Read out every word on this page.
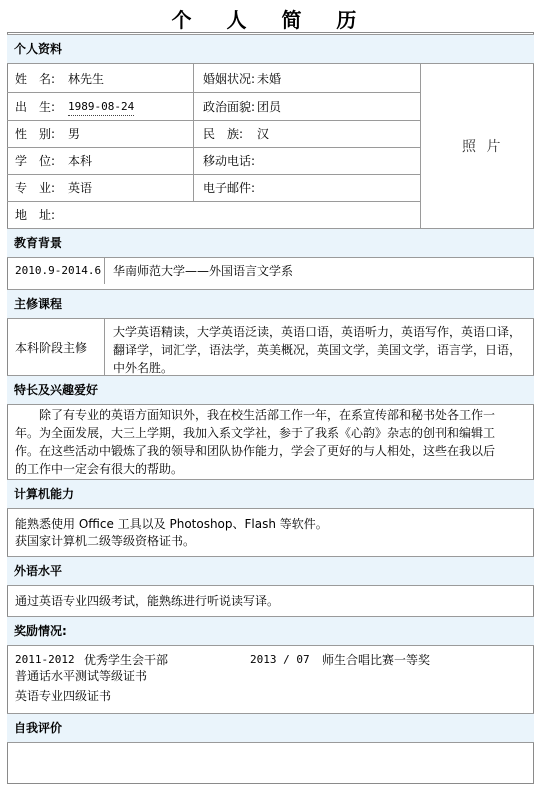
个 人 简 历
个人资料
姓　名: 林先生	婚姻状况: 未婚
出　生: 1989-08-24	政治面貌: 团员
性　别: 男	民　族: 汉
学　位: 本科	移动电话:
专　业: 英语	电子邮件:
地　址:
照 片
教育背景
2010.9-2014.6 华南师范大学——外国语言文学系
主修课程
本科阶段主修
大学英语精读，大学英语泛读，英语口语，英语听力，英语写作，英语口译，
翻译学，词汇学，语法学，英美概况，英国文学，美国文学，语言学，日语，
中外名胜。
特长及兴趣爱好
　　除了有专业的英语方面知识外，我在校生活部工作一年，在系宣传部和秘书处各工作一
年。为全面发展，大三上学期，我加入系文学社，参于了我系《心韵》杂志的创刊和编辑工
作。在这些活动中锻炼了我的领导和团队协作能力，学会了更好的与人相处，这些在我以后
的工作中一定会有很大的帮助。
计算机能力
能熟悉使用 Office 工具以及 Photoshop、Flash 等软件。
获国家计算机二级等级资格证书。
外语水平
通过英语专业四级考试，能熟练进行听说读写译。
奖励情况:
2011-2012 优秀学生会干部	2013 / 07 师生合唱比赛一等奖
普通话水平测试等级证书
英语专业四级证书
自我评价
